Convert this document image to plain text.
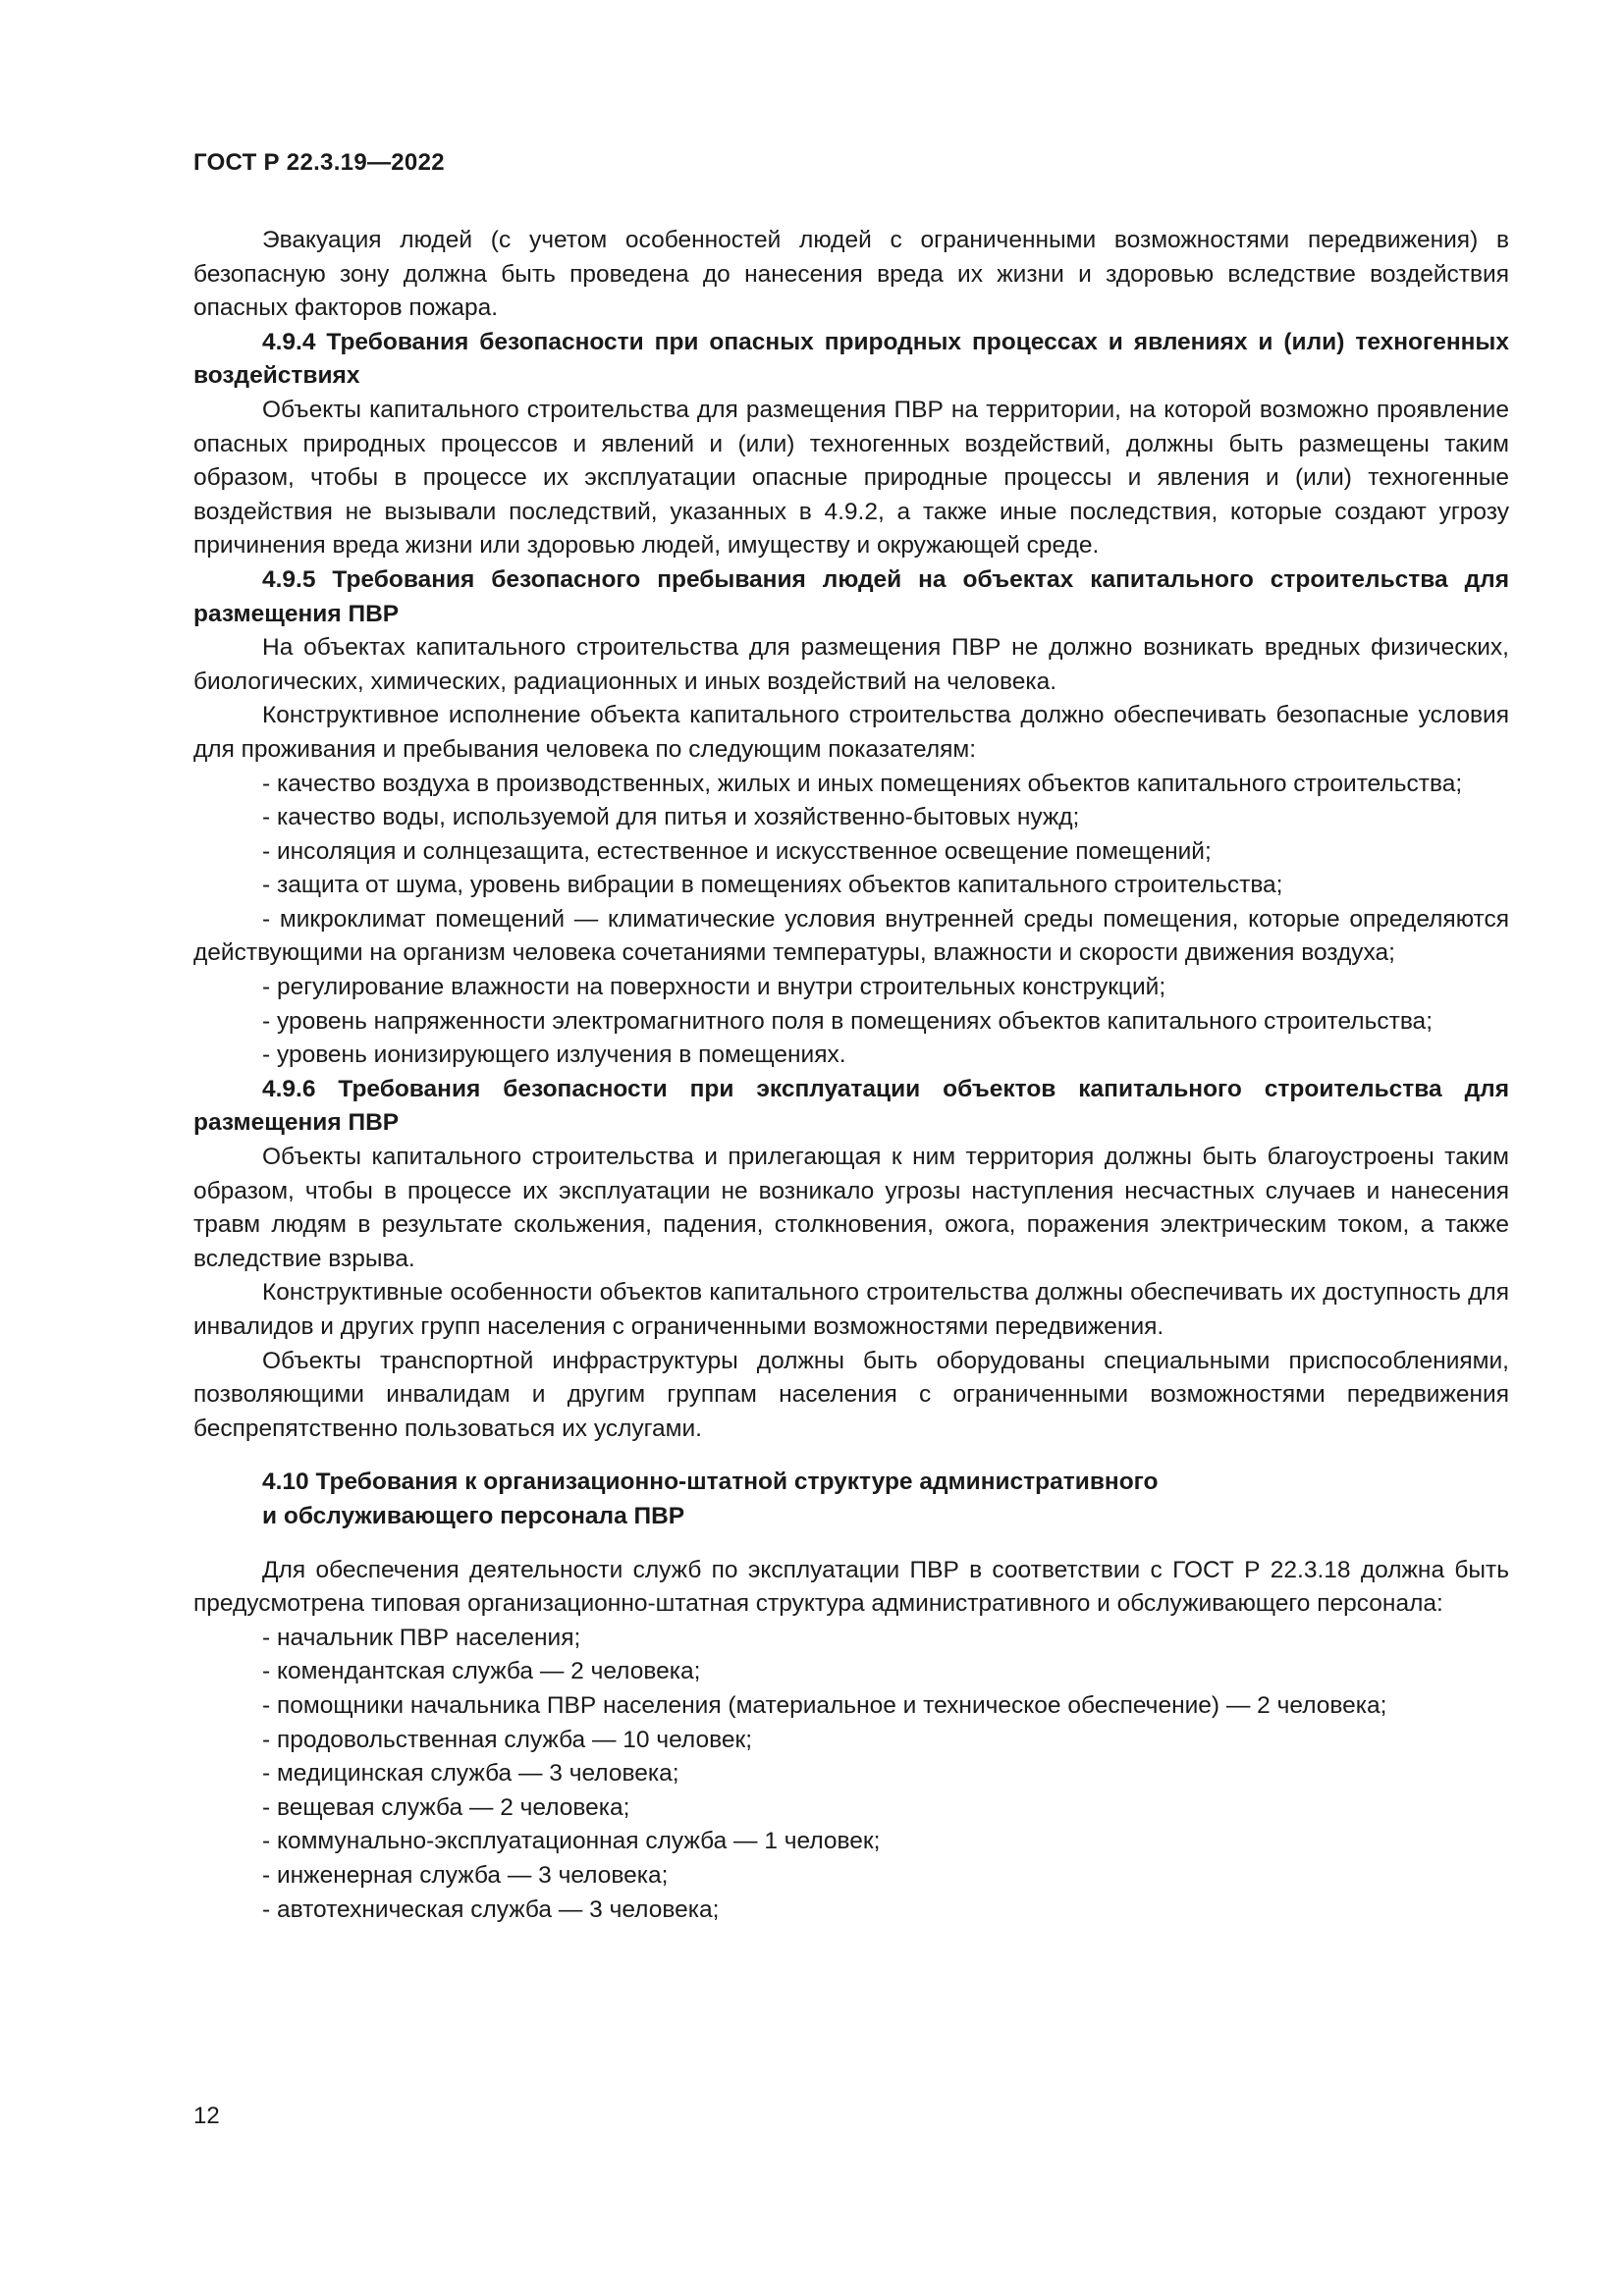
ГОСТ Р 22.3.19—2022

Эвакуация людей (с учетом особенностей людей с ограниченными возможностями передвижения) в безопасную зону должна быть проведена до нанесения вреда их жизни и здоровью вследствие воздействия опасных факторов пожара.

4.9.4 Требования безопасности при опасных природных процессах и явлениях и (или) техногенных воздействиях

Объекты капитального строительства для размещения ПВР на территории, на которой возможно проявление опасных природных процессов и явлений и (или) техногенных воздействий, должны быть размещены таким образом, чтобы в процессе их эксплуатации опасные природные процессы и явления и (или) техногенные воздействия не вызывали последствий, указанных в 4.9.2, а также иные последствия, которые создают угрозу причинения вреда жизни или здоровью людей, имуществу и окружающей среде.

4.9.5 Требования безопасного пребывания людей на объектах капитального строительства для размещения ПВР

На объектах капитального строительства для размещения ПВР не должно возникать вредных физических, биологических, химических, радиационных и иных воздействий на человека.

Конструктивное исполнение объекта капитального строительства должно обеспечивать безопасные условия для проживания и пребывания человека по следующим показателям:

- качество воздуха в производственных, жилых и иных помещениях объектов капитального строительства;

- качество воды, используемой для питья и хозяйственно-бытовых нужд;

- инсоляция и солнцезащита, естественное и искусственное освещение помещений;

- защита от шума, уровень вибрации в помещениях объектов капитального строительства;

- микроклимат помещений — климатические условия внутренней среды помещения, которые определяются действующими на организм человека сочетаниями температуры, влажности и скорости движения воздуха;

- регулирование влажности на поверхности и внутри строительных конструкций;

- уровень напряженности электромагнитного поля в помещениях объектов капитального строительства;

- уровень ионизирующего излучения в помещениях.

4.9.6 Требования безопасности при эксплуатации объектов капитального строительства для размещения ПВР

Объекты капитального строительства и прилегающая к ним территория должны быть благоустроены таким образом, чтобы в процессе их эксплуатации не возникало угрозы наступления несчастных случаев и нанесения травм людям в результате скольжения, падения, столкновения, ожога, поражения электрическим током, а также вследствие взрыва.

Конструктивные особенности объектов капитального строительства должны обеспечивать их доступность для инвалидов и других групп населения с ограниченными возможностями передвижения.

Объекты транспортной инфраструктуры должны быть оборудованы специальными приспособлениями, позволяющими инвалидам и другим группам населения с ограниченными возможностями передвижения беспрепятственно пользоваться их услугами.

4.10 Требования к организационно-штатной структуре административного
и обслуживающего персонала ПВР

Для обеспечения деятельности служб по эксплуатации ПВР в соответствии с ГОСТ Р 22.3.18 должна быть предусмотрена типовая организационно-штатная структура административного и обслуживающего персонала:

- начальник ПВР населения;

- комендантская служба — 2 человека;

- помощники начальника ПВР населения (материальное и техническое обеспечение) — 2 человека;

- продовольственная служба — 10 человек;

- медицинская служба — 3 человека;

- вещевая служба — 2 человека;

- коммунально-эксплуатационная служба — 1 человек;

- инженерная служба — 3 человека;

- автотехническая служба — 3 человека;

12
